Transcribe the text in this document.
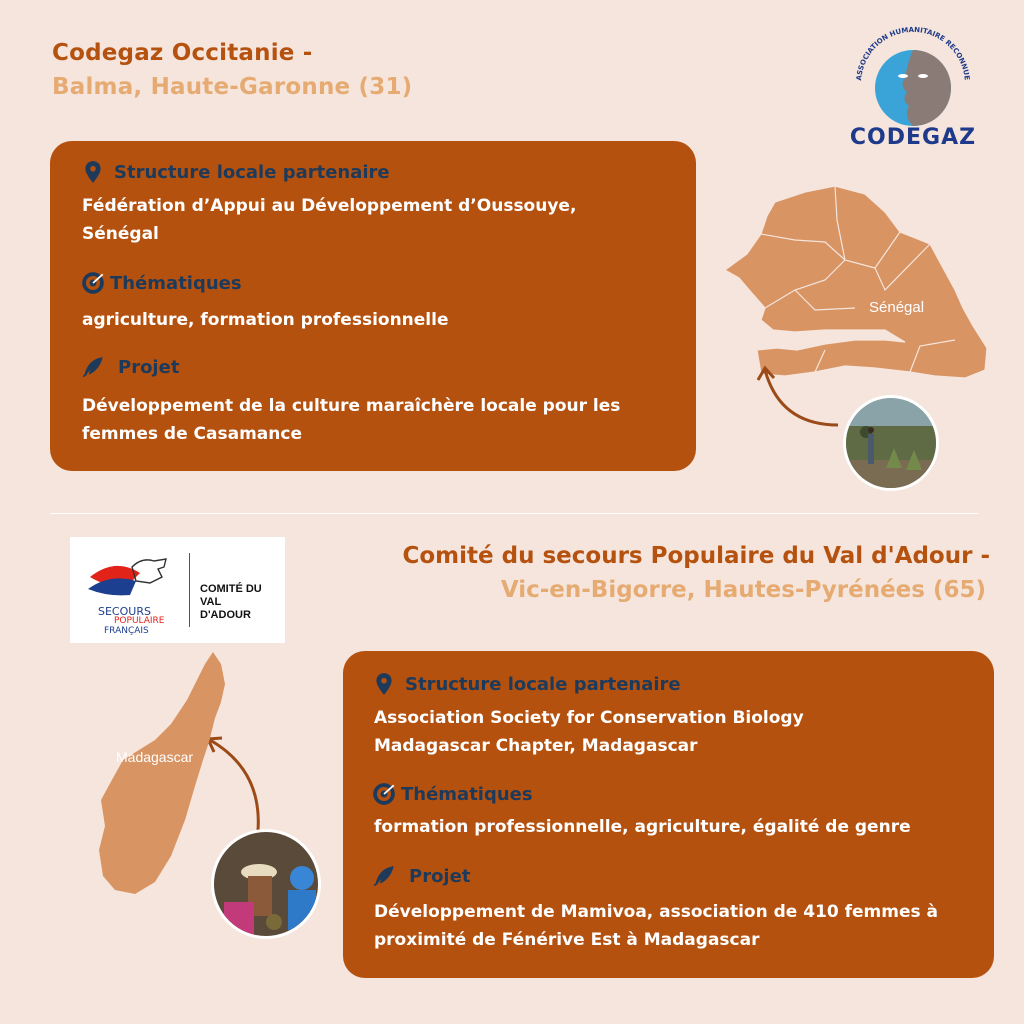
Codegaz Occitanie -
Balma, Haute-Garonne (31)	ASSOCIATION HUMANITAIRE RECONNUE
CODEGAZ
Structure locale partenaire
Fédération d’Appui au Développement d’Oussouye,
Sénégal
Thématiques
agriculture, formation professionnelle
Projet
Développement de la culture maraîchère locale pour les
femmes de Casamance
Sénégal
SECOURS
POPULAIRE
FRANÇAIS
COMITÉ DU VAL
D'ADOUR
Comité du secours Populaire du Val d'Adour -
Vic-en-Bigorre, Hautes-Pyrénées (65)
Madagascar
Structure locale partenaire
Association Society for Conservation Biology
Madagascar Chapter, Madagascar
Thématiques
formation professionnelle, agriculture, égalité de genre
Projet
Développement de Mamivoa, association de 410 femmes à
proximité de Fénérive Est à Madagascar
